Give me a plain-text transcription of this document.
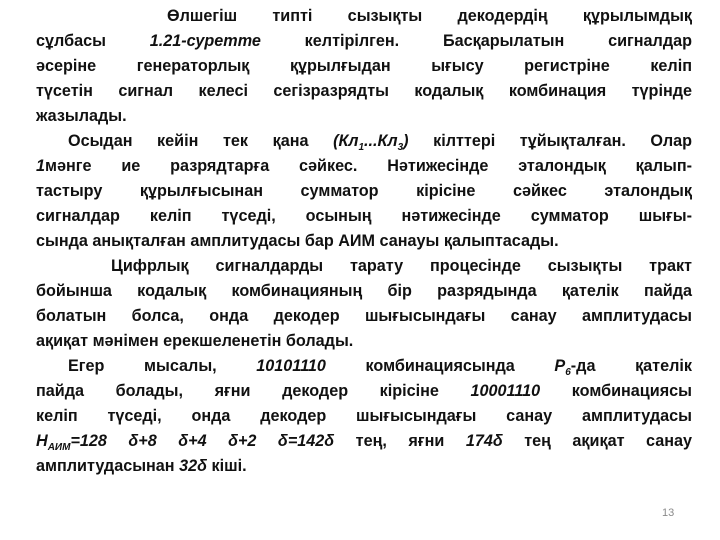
Өлшегіш типті сызықты декодердің құрылымдық
сұлбасы 1.21-суретте келтірілген. Басқарылатын сигналдар
әсеріне генераторлық құрылғыдан ығысу регистріне келіп
түсетін сигнал келесі сегізразрядты кодалық комбинация түрінде
жазылады.
Осыдан кейін тек қана $(Кл_1...Кл_3)$ кілттері тұйықталған. Олар
1мәнге ие разрядтарға сәйкес. Нәтижесінде эталондық қалып-
тастыру құрылғысынан сумматор кірісіне сәйкес эталондық
сигналдар келіп түседі, осының нәтижесінде сумматор шығы-
сында анықталған амплитудасы бар АИМ санауы қалыптасады.
Цифрлық сигналдарды тарату процесінде сызықты тракт
бойынша кодалық комбинацияның бір разрядында қателік пайда
болатын болса, онда декодер шығысындағы санау амплитудасы
ақиқат мәнімен ерекшеленетін болады.
Егер мысалы, 10101110 комбинациясында $Р_6-да$ қателік
пайда болады, яғни декодер кірісіне 10001110 комбинациясы
келіп түседі, онда декодер шығысындағы санау амплитудасы
$Н_{АИМ}=128$ δ+8 δ+4 δ+2 δ=142δ тең, яғни 174δ тең ақиқат санау
амплитудасынан 32δ кіші.
13
